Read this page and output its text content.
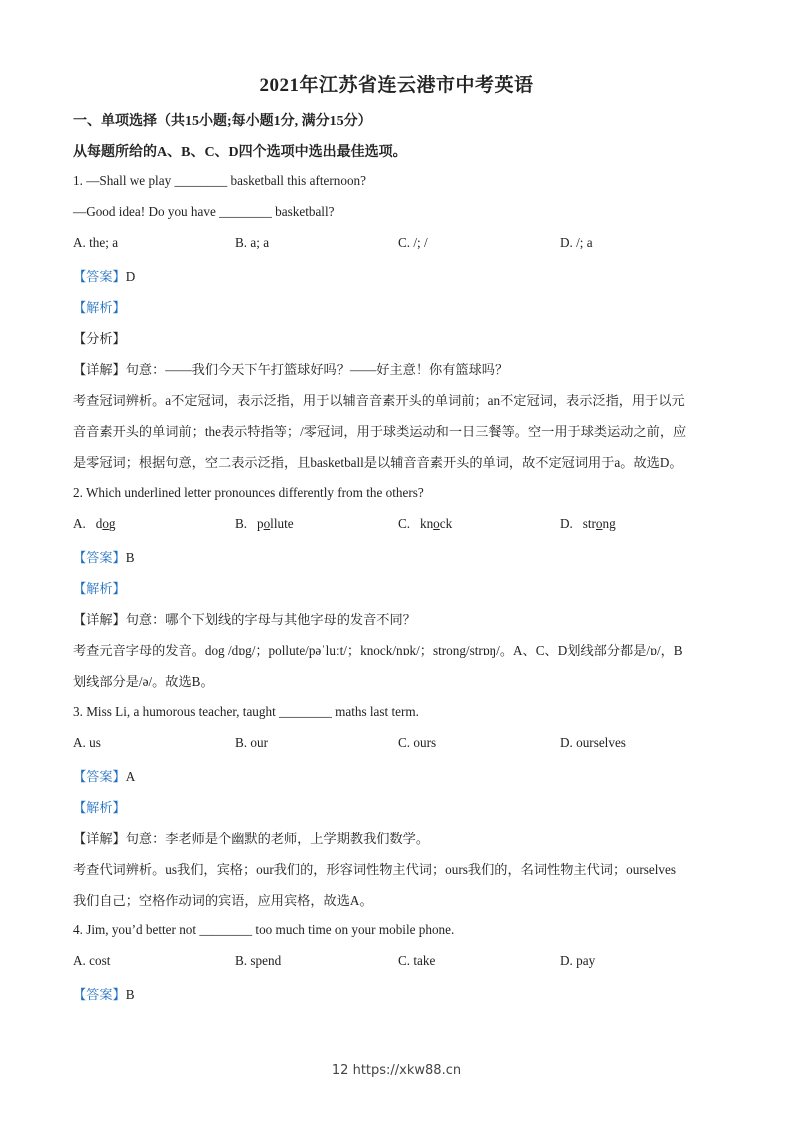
2021年江苏省连云港市中考英语
一、单项选择（共15小题;每小题1分, 满分15分）
从每题所给的A、B、C、D四个选项中选出最佳选项。
1. —Shall we play ________ basketball this afternoon?
—Good idea! Do you have ________ basketball?
A. the; a	B. a; a	C. /; /	D. /; a
【答案】D
【解析】
【分析】
【详解】句意：——我们今天下午打篮球好吗？——好主意！你有篮球吗？
考查冠词辨析。a不定冠词，表示泛指，用于以辅音音素开头的单词前；an不定冠词，表示泛指，用于以元
音音素开头的单词前；the表示特指等；/零冠词，用于球类运动和一日三餐等。空一用于球类运动之前，应
是零冠词；根据句意，空二表示泛指，且basketball是以辅音音素开头的单词，故不定冠词用于a。故选D。
2. Which underlined letter pronounces differently from the others?
A. dog	B. pollute	C. knock	D. strong
【答案】B
【解析】
【详解】句意：哪个下划线的字母与其他字母的发音不同？
考查元音字母的发音。dog /dɒg/；pollute/pəˈluːt/；knock/nɒk/；strong/strɒŋ/。A、C、D划线部分都是/ɒ/，B
划线部分是/ə/。故选B。
3. Miss Li, a humorous teacher, taught ________ maths last term.
A. us	B. our	C. ours	D. ourselves
【答案】A
【解析】
【详解】句意：李老师是个幽默的老师，上学期教我们数学。
考查代词辨析。us我们，宾格；our我们的，形容词性物主代词；ours我们的，名词性物主代词；ourselves
我们自己；空格作动词的宾语，应用宾格，故选A。
4. Jim, you’d better not ________ too much time on your mobile phone.
A. cost	B. spend	C. take	D. pay
【答案】B
12 https://xkw88.cn
